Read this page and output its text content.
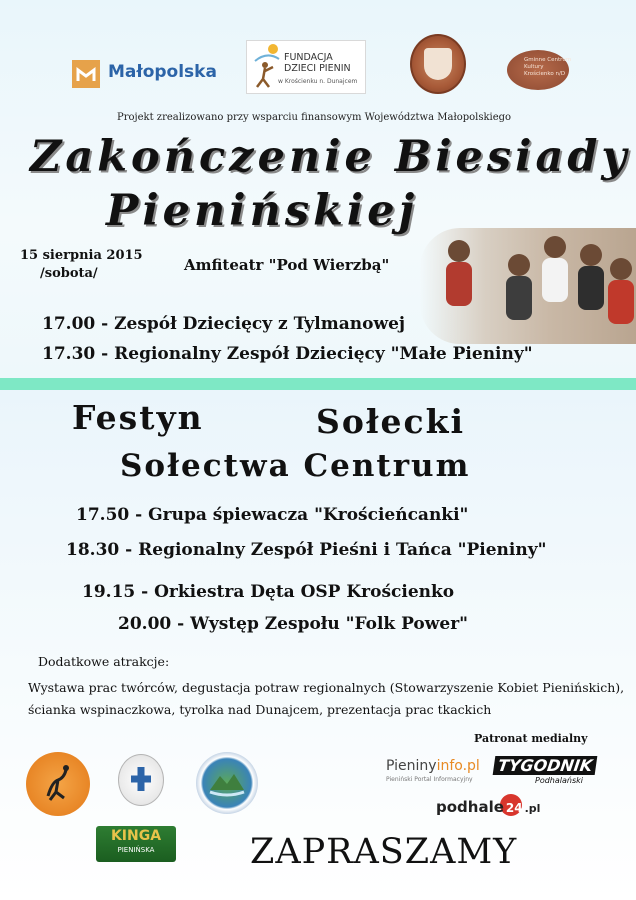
Małopolska
FUNDACJA DZIECI PIENIN
w Krościenku n. Dunajcem
Gminne Centrum Kultury Krościenko n/D
Projekt zrealizowano przy wsparciu finansowym Województwa Małopolskiego
Zakończenie Biesiady
Pienińskiej
15 sierpnia 2015
/sobota/	Amfiteatr "Pod Wierzbą"
17.00 - Zespół Dziecięcy z Tylmanowej
17.30 - Regionalny Zespół Dziecięcy "Małe Pieniny"
Festyn	Sołecki
Sołectwa Centrum
17.50 - Grupa śpiewacza "Krościeńcanki"
18.30 - Regionalny Zespół Pieśni i Tańca "Pieniny"
19.15 - Orkiestra Dęta OSP Krościenko
20.00 - Występ Zespołu "Folk Power"
Dodatkowe atrakcje:
Wystawa prac twórców, degustacja potraw regionalnych (Stowarzyszenie Kobiet Pienińskich), ścianka wspinaczkowa, tyrolka nad Dunajcem, prezentacja prac tkackich
Patronat medialny
Pieninyinfo.pl
Pieniński Portal Informacyjny
TYGODNIK
Podhalański
podhale 24 .pl
KINGA
PIENIŃSKA	ZAPRASZAMY
